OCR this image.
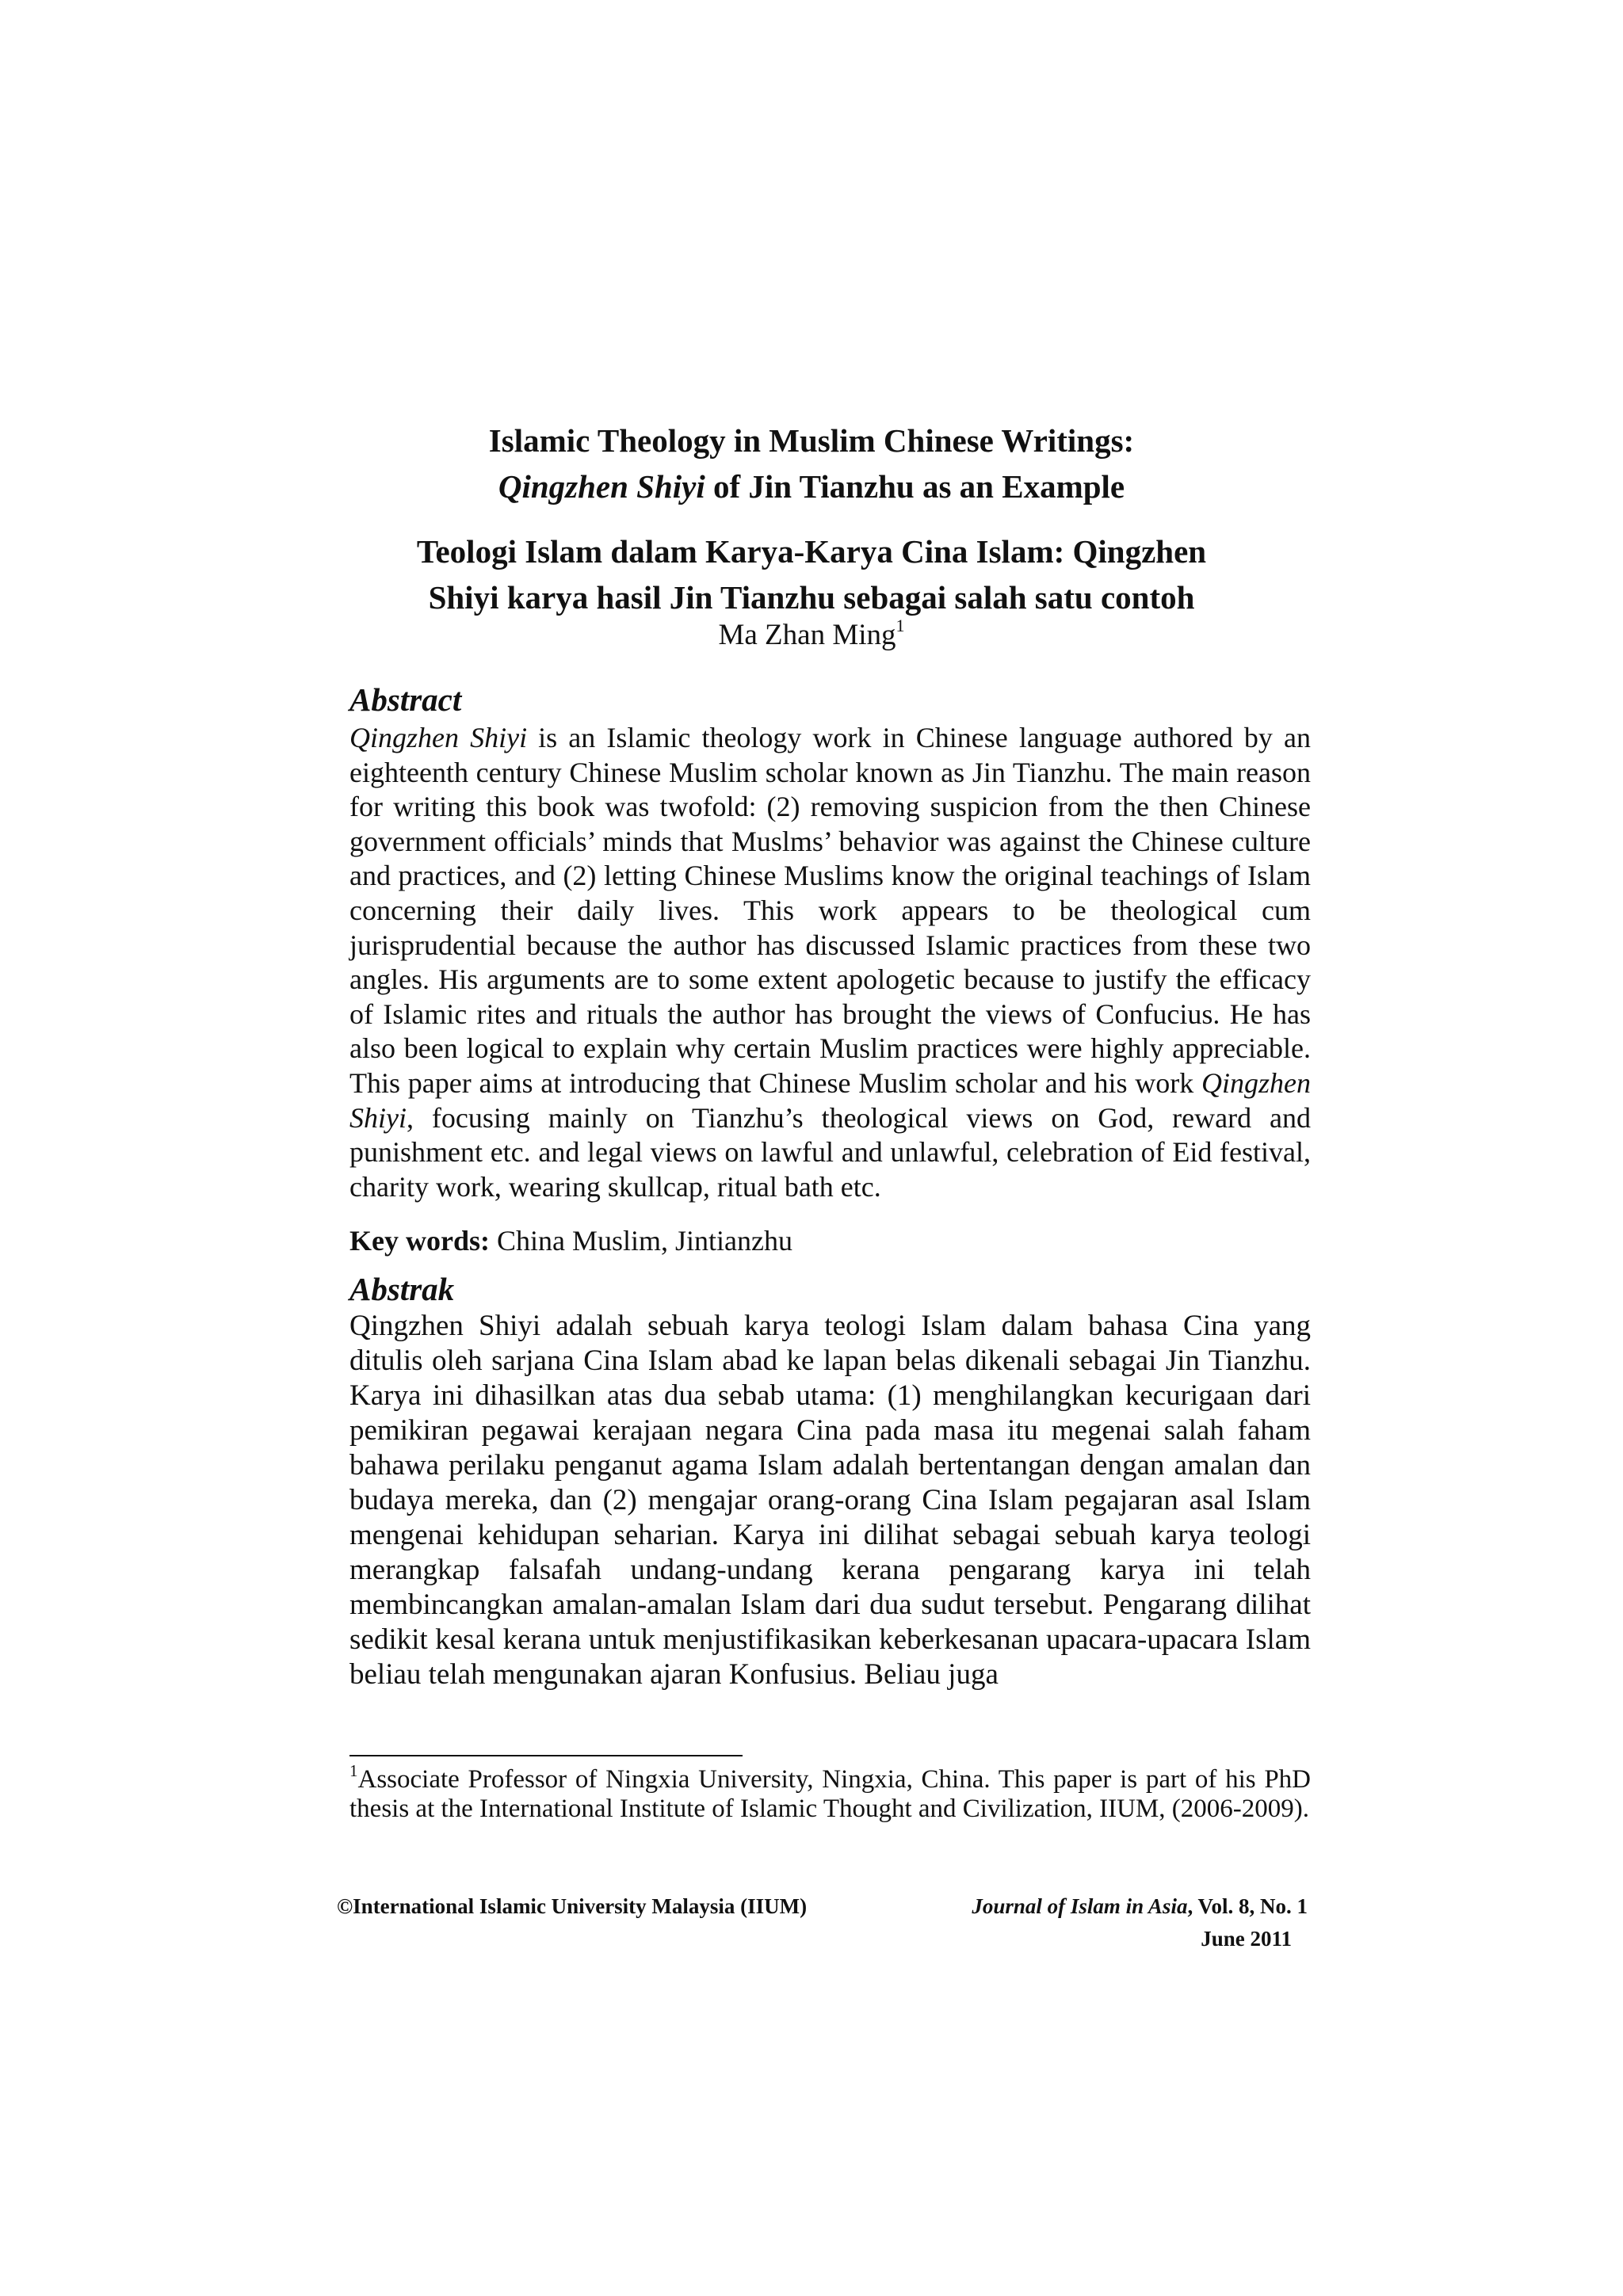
Islamic Theology in Muslim Chinese Writings:
Qingzhen Shiyi of Jin Tianzhu as an Example
Teologi Islam dalam Karya-Karya Cina Islam: Qingzhen
Shiyi karya hasil Jin Tianzhu sebagai salah satu contoh
Ma Zhan Ming$^1$
Abstract

Qingzhen Shiyi is an Islamic theology work in Chinese language authored by an eighteenth century Chinese Muslim scholar known as Jin Tianzhu. The main reason for writing this book was twofold: (2) removing suspicion from the then Chinese government officials’ minds that Muslms’ behavior was against the Chinese culture and practices, and (2) letting Chinese Muslims know the original teachings of Islam concerning their daily lives. This work appears to be theological cum jurisprudential because the author has discussed Islamic practices from these two angles. His arguments are to some extent apologetic because to justify the efficacy of Islamic rites and rituals the author has brought the views of Confucius. He has also been logical to explain why certain Muslim practices were highly appreciable. This paper aims at introducing that Chinese Muslim scholar and his work Qingzhen Shiyi, focusing mainly on Tianzhu’s theological views on God, reward and punishment etc. and legal views on lawful and unlawful, celebration of Eid festival, charity work, wearing skullcap, ritual bath etc.

Key words: China Muslim, Jintianzhu
Abstrak

Qingzhen Shiyi adalah sebuah karya teologi Islam dalam bahasa Cina yang ditulis oleh sarjana Cina Islam abad ke lapan belas dikenali sebagai Jin Tianzhu. Karya ini dihasilkan atas dua sebab utama: (1) menghilangkan kecurigaan dari pemikiran pegawai kerajaan negara Cina pada masa itu megenai salah faham bahawa perilaku penganut agama Islam adalah bertentangan dengan amalan dan budaya mereka, dan (2) mengajar orang-orang Cina Islam pegajaran asal Islam mengenai kehidupan seharian. Karya ini dilihat sebagai sebuah karya teologi merangkap falsafah undang-undang kerana pengarang karya ini telah membincangkan amalan-amalan Islam dari dua sudut tersebut. Pengarang dilihat sedikit kesal kerana untuk menjustifikasikan keberkesanan upacara-upacara Islam beliau telah mengunakan ajaran Konfusius. Beliau juga

$^1$Associate Professor of Ningxia University, Ningxia, China. This paper is part of his PhD thesis at the International Institute of Islamic Thought and Civilization, IIUM, (2006-2009).

©International Islamic University Malaysia (IIUM)	Journal of Islam in Asia, Vol. 8, No. 1
June 2011
